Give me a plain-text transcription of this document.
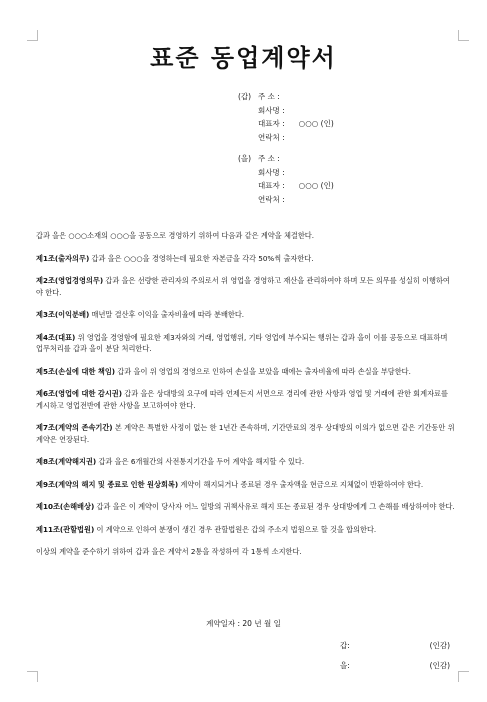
표준 동업계약서
(갑) 주 소 :
회사명 :
대표자 : ○○○ (인)
연락처 :
(을) 주 소 :
회사명 :
대표자 : ○○○ (인)
연락처 :

갑과 을은 ○○○소재의 ○○○을 공동으로 경영하기 위하여 다음과 같은 계약을 체결한다.

제1조(출자의무) 갑과 을은 ○○○을 경영하는데 필요한 자본금을 각각 50%씩 출자한다.

제2조(영업경영의무) 갑과 을은 선량한 관리자의 주의로서 위 영업을 경영하고 재산을 관리하여야 하며 모든 의무를 성실히 이행하여야 한다.

제3조(이익분배) 매년말 결산후 이익을 출자비율에 따라 분배한다.

제4조(대표) 위 영업을 경영함에 필요한 제3자와의 거래, 영업행위, 기타 영업에 부수되는 행위는 갑과 을이 이를 공동으로 대표하며 업무처리를 갑과 을이 분담 처리한다.

제5조(손실에 대한 책임) 갑과 을이 위 영업의 경영으로 인하여 손실을 보았을 때에는 출자비율에 따라 손실을 부담한다.

제6조(영업에 대한 감시권) 갑과 을은 상대방의 요구에 따라 언제든지 서면으로 경리에 관한 사항과 영업 및 거래에 관한 회계자료를 게시하고 영업전반에 관한 사항을 보고하여야 한다.

제7조(계약의 존속기간) 본 계약은 특별한 사정이 없는 한 1년간 존속하며, 기간만료의 경우 상대방의 이의가 없으면 같은 기간동안 위 계약은 연장된다.

제8조(계약해지권) 갑과 을은 6개월간의 사전통지기간을 두어 계약을 해지할 수 있다.

제9조(계약의 해지 및 종료로 인한 원상회복) 계약이 해지되거나 종료된 경우 출자액을 현금으로 지체없이 반환하여야 한다.

제10조(손해배상) 갑과 을은 이 계약이 당사자 어느 일방의 귀책사유로 해지 또는 종료된 경우 상대방에게 그 손해를 배상하여야 한다.

제11조(관할법원) 이 계약으로 인하여 분쟁이 생긴 경우 관할법원은 갑의 주소지 법원으로 할 것을 합의한다.

이상의 계약을 준수하기 위하여 갑과 을은 계약서 2통을 작성하여 각 1통씩 소지한다.

계약일자 : 20 년 월 일
갑:	(인감)
을:	(인감)
